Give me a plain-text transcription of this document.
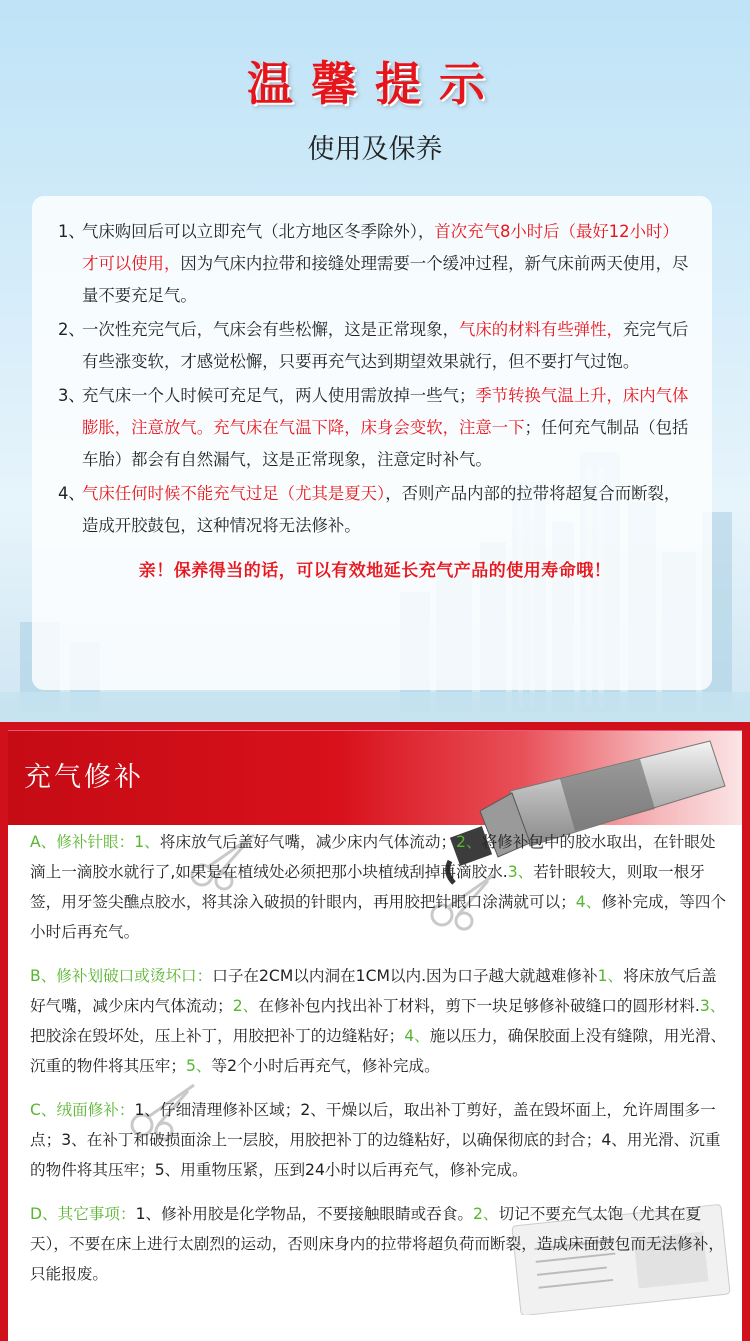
温馨提示
使用及保养
1、
气床购回后可以立即充气（北方地区冬季除外），首次充气8小时后（最好12小时）才可以使用，因为气床内拉带和接缝处理需要一个缓冲过程，新气床前两天使用，尽量不要充足气。
2、
一次性充完气后，气床会有些松懈，这是正常现象，气床的材料有些弹性，充完气后有些涨变软，才感觉松懈，只要再充气达到期望效果就行，但不要打气过饱。
3、
充气床一个人时候可充足气，两人使用需放掉一些气；季节转换气温上升，床内气体膨胀，注意放气。充气床在气温下降，床身会变软，注意一下；任何充气制品（包括车胎）都会有自然漏气，这是正常现象，注意定时补气。
4、
气床任何时候不能充气过足（尤其是夏天），否则产品内部的拉带将超复合而断裂，造成开胶鼓包，这种情况将无法修补。
亲！保养得当的话，可以有效地延长充气产品的使用寿命哦！
充气修补
A、修补针眼：1、将床放气后盖好气嘴，减少床内气体流动；2、将修补包中的胶水取出，在针眼处滴上一滴胶水就行了,如果是在植绒处必须把那小块植绒刮掉再滴胶水.3、若针眼较大，则取一根牙签，用牙签尖醮点胶水，将其涂入破损的针眼内，再用胶把针眼口涂满就可以；4、修补完成，等四个小时后再充气。
B、修补划破口或烫坏口：口子在2CM以内洞在1CM以内.因为口子越大就越难修补1、将床放气后盖好气嘴，减少床内气体流动；2、在修补包内找出补丁材料，剪下一块足够修补破缝口的圆形材料.3、把胶涂在毁坏处，压上补丁，用胶把补丁的边缝粘好；4、施以压力，确保胶面上没有缝隙，用光滑、沉重的物件将其压牢；5、等2个小时后再充气，修补完成。
C、绒面修补：1、仔细清理修补区域；2、干燥以后，取出补丁剪好，盖在毁坏面上，允许周围多一点；3、在补丁和破损面涂上一层胶，用胶把补丁的边缝粘好，以确保彻底的封合；4、用光滑、沉重的物件将其压牢；5、用重物压紧，压到24小时以后再充气，修补完成。
D、其它事项：1、修补用胶是化学物品，不要接触眼睛或吞食。2、切记不要充气太饱（尤其在夏天），不要在床上进行太剧烈的运动，否则床身内的拉带将超负荷而断裂，造成床面鼓包而无法修补，只能报废。
